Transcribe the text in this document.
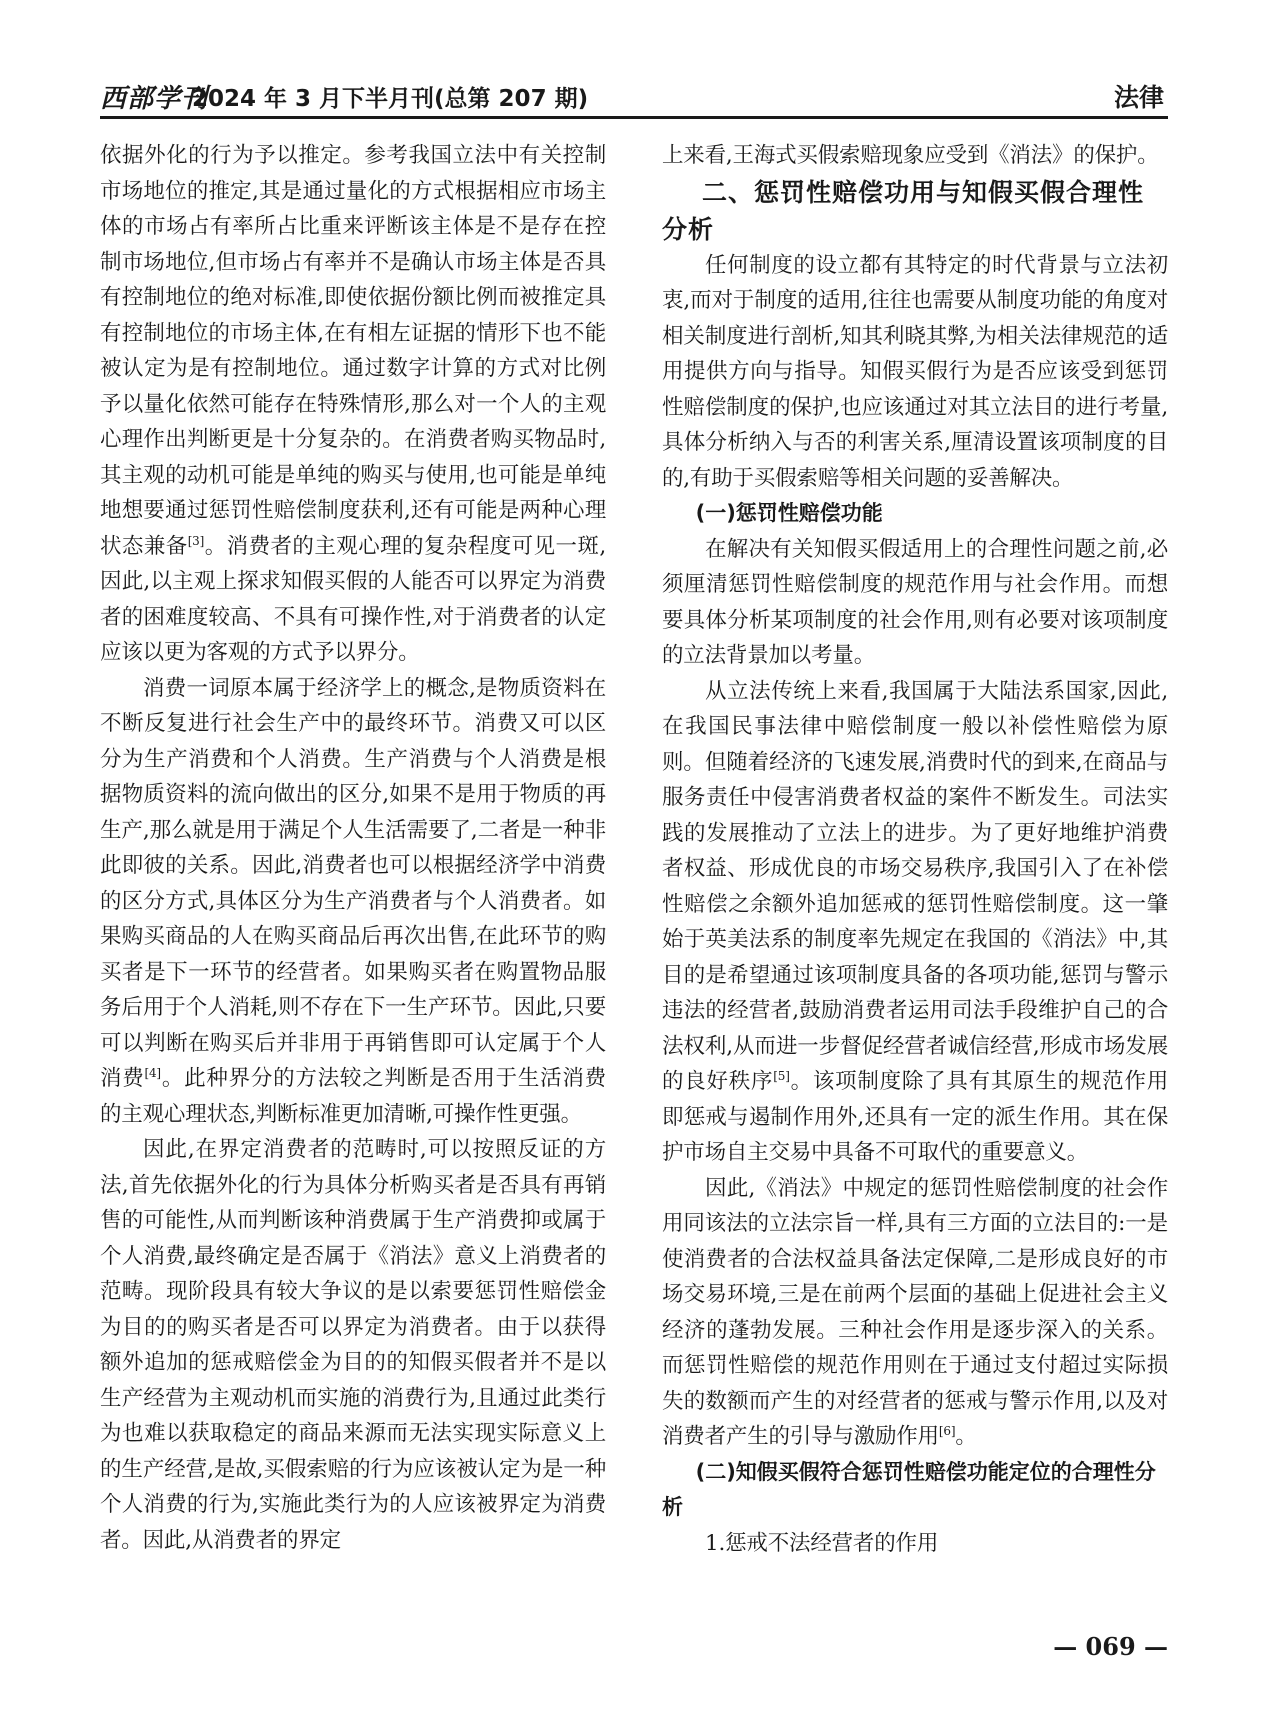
西部学刊
2024 年 3 月下半月刊(总第 207 期)	法律

依据外化的行为予以推定。参考我国立法中有关控制市场地位的推定,其是通过量化的方式根据相应市场主体的市场占有率所占比重来评断该主体是不是存在控制市场地位,但市场占有率并不是确认市场主体是否具有控制地位的绝对标准,即使依据份额比例而被推定具有控制地位的市场主体,在有相左证据的情形下也不能被认定为是有控制地位。通过数字计算的方式对比例予以量化依然可能存在特殊情形,那么对一个人的主观心理作出判断更是十分复杂的。在消费者购买物品时,其主观的动机可能是单纯的购买与使用,也可能是单纯地想要通过惩罚性赔偿制度获利,还有可能是两种心理状态兼备[3]。消费者的主观心理的复杂程度可见一斑,因此,以主观上探求知假买假的人能否可以界定为消费者的困难度较高、不具有可操作性,对于消费者的认定应该以更为客观的方式予以界分。

消费一词原本属于经济学上的概念,是物质资料在不断反复进行社会生产中的最终环节。消费又可以区分为生产消费和个人消费。生产消费与个人消费是根据物质资料的流向做出的区分,如果不是用于物质的再生产,那么就是用于满足个人生活需要了,二者是一种非此即彼的关系。因此,消费者也可以根据经济学中消费的区分方式,具体区分为生产消费者与个人消费者。如果购买商品的人在购买商品后再次出售,在此环节的购买者是下一环节的经营者。如果购买者在购置物品服务后用于个人消耗,则不存在下一生产环节。因此,只要可以判断在购买后并非用于再销售即可认定属于个人消费[4]。此种界分的方法较之判断是否用于生活消费的主观心理状态,判断标准更加清晰,可操作性更强。

因此,在界定消费者的范畴时,可以按照反证的方法,首先依据外化的行为具体分析购买者是否具有再销售的可能性,从而判断该种消费属于生产消费抑或属于个人消费,最终确定是否属于《消法》意义上消费者的范畴。现阶段具有较大争议的是以索要惩罚性赔偿金为目的的购买者是否可以界定为消费者。由于以获得额外追加的惩戒赔偿金为目的的知假买假者并不是以生产经营为主观动机而实施的消费行为,且通过此类行为也难以获取稳定的商品来源而无法实现实际意义上的生产经营,是故,买假索赔的行为应该被认定为是一种个人消费的行为,实施此类行为的人应该被界定为消费者。因此,从消费者的界定

上来看,王海式买假索赔现象应受到《消法》的保护。

二、惩罚性赔偿功用与知假买假合理性分析

任何制度的设立都有其特定的时代背景与立法初衷,而对于制度的适用,往往也需要从制度功能的角度对相关制度进行剖析,知其利晓其弊,为相关法律规范的适用提供方向与指导。知假买假行为是否应该受到惩罚性赔偿制度的保护,也应该通过对其立法目的进行考量,具体分析纳入与否的利害关系,厘清设置该项制度的目的,有助于买假索赔等相关问题的妥善解决。

(一)惩罚性赔偿功能

在解决有关知假买假适用上的合理性问题之前,必须厘清惩罚性赔偿制度的规范作用与社会作用。而想要具体分析某项制度的社会作用,则有必要对该项制度的立法背景加以考量。

从立法传统上来看,我国属于大陆法系国家,因此,在我国民事法律中赔偿制度一般以补偿性赔偿为原则。但随着经济的飞速发展,消费时代的到来,在商品与服务责任中侵害消费者权益的案件不断发生。司法实践的发展推动了立法上的进步。为了更好地维护消费者权益、形成优良的市场交易秩序,我国引入了在补偿性赔偿之余额外追加惩戒的惩罚性赔偿制度。这一肇始于英美法系的制度率先规定在我国的《消法》中,其目的是希望通过该项制度具备的各项功能,惩罚与警示违法的经营者,鼓励消费者运用司法手段维护自己的合法权利,从而进一步督促经营者诚信经营,形成市场发展的良好秩序[5]。该项制度除了具有其原生的规范作用即惩戒与遏制作用外,还具有一定的派生作用。其在保护市场自主交易中具备不可取代的重要意义。

因此,《消法》中规定的惩罚性赔偿制度的社会作用同该法的立法宗旨一样,具有三方面的立法目的:一是使消费者的合法权益具备法定保障,二是形成良好的市场交易环境,三是在前两个层面的基础上促进社会主义经济的蓬勃发展。三种社会作用是逐步深入的关系。而惩罚性赔偿的规范作用则在于通过支付超过实际损失的数额而产生的对经营者的惩戒与警示作用,以及对消费者产生的引导与激励作用[6]。

(二)知假买假符合惩罚性赔偿功能定位的合理性分析

1.惩戒不法经营者的作用

— 069 —
